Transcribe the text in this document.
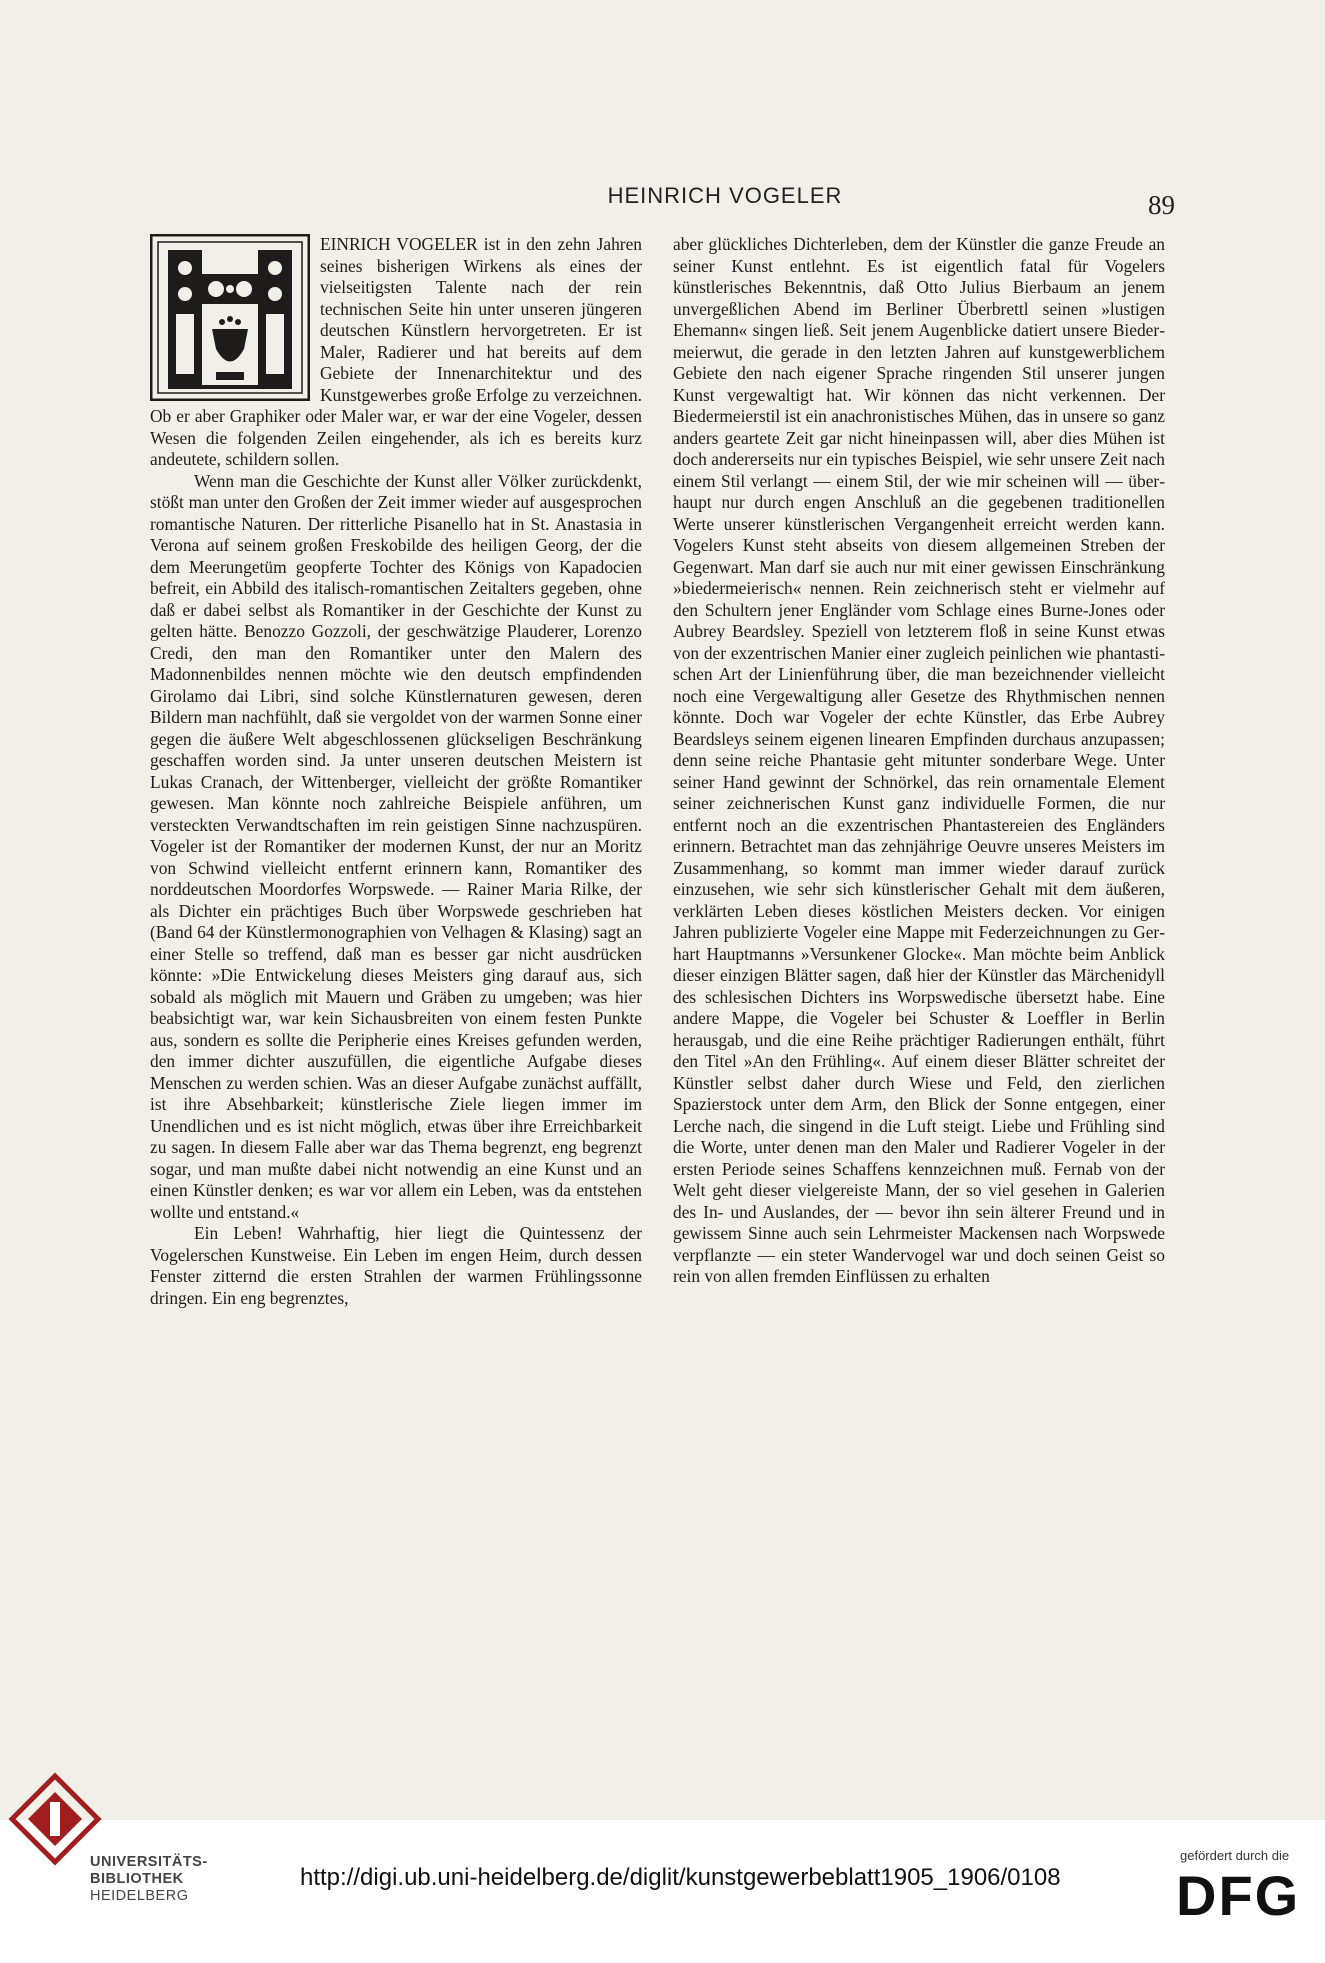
HEINRICH VOGELER	89

EINRICH VOGELER ist in den zehn Jahren seines bisherigen Wirkens als eines der vielseitigsten Talente nach der rein technischen Seite hin unter unseren jüngeren deutschen Künstlern hervorgetreten. Er ist Maler, Radierer und hat bereits auf dem Gebiete der Innenarchitektur und des Kunstgewerbes große Erfolge zu verzeichnen. Ob er aber Graphiker oder Maler war, er war der eine Vogeler, dessen Wesen die folgenden Zeilen eingehender, als ich es bereits kurz andeutete, schildern sollen.

Wenn man die Geschichte der Kunst aller Völker zurückdenkt, stößt man unter den Großen der Zeit immer wieder auf ausgesprochen romantische Naturen. Der ritterliche Pisanello hat in St. Anastasia in Verona auf seinem großen Freskobilde des heiligen Georg, der die dem Meerungetüm geopferte Tochter des Königs von Kapadocien befreit, ein Abbild des italisch-romantischen Zeitalters gegeben, ohne daß er dabei selbst als Romantiker in der Geschichte der Kunst zu gelten hätte. Benozzo Gozzoli, der geschwätzige Plauderer, Lorenzo Credi, den man den Romantiker unter den Malern des Madonnenbildes nennen möchte wie den deutsch empfindenden Girolamo dai Libri, sind solche Künstlernaturen gewesen, deren Bildern man nachfühlt, daß sie vergoldet von der warmen Sonne einer gegen die äußere Welt abgeschlossenen glückseligen Beschränkung geschaffen worden sind. Ja unter unseren deutschen Meistern ist Lukas Cranach, der Wittenberger, vielleicht der größte Romantiker gewesen. Man könnte noch zahlreiche Beispiele anführen, um versteckten Verwandtschaften im rein geistigen Sinne nachzuspüren. Vogeler ist der Romantiker der modernen Kunst, der nur an Moritz von Schwind vielleicht entfernt erinnern kann, Romantiker des norddeutschen Moordorfes Worpswede. — Rainer Maria Rilke, der als Dichter ein prächtiges Buch über Worpswede geschrieben hat (Band 64 der Künstlermonographien von Velhagen & Klasing) sagt an einer Stelle so treffend, daß man es besser gar nicht ausdrücken könnte: »Die Entwickelung dieses Meisters ging darauf aus, sich sobald als möglich mit Mauern und Gräben zu umgeben; was hier beabsichtigt war, war kein Sichausbreiten von einem festen Punkte aus, sondern es sollte die Peripherie eines Kreises gefunden werden, den immer dichter auszufüllen, die eigentliche Aufgabe dieses Menschen zu werden schien. Was an dieser Aufgabe zunächst auffällt, ist ihre Absehbarkeit; künstlerische Ziele liegen immer im Unendlichen und es ist nicht möglich, etwas über ihre Erreichbarkeit zu sagen. In diesem Falle aber war das Thema begrenzt, eng begrenzt sogar, und man mußte dabei nicht notwendig an eine Kunst und an einen Künstler denken; es war vor allem ein Leben, was da entstehen wollte und entstand.«

Ein Leben! Wahrhaftig, hier liegt die Quintessenz der Vogelerschen Kunstweise. Ein Leben im engen Heim, durch dessen Fenster zitternd die ersten Strahlen der warmen Frühlingssonne dringen. Ein eng begrenztes,

aber glückliches Dichterleben, dem der Künstler die ganze Freude an seiner Kunst entlehnt. Es ist eigentlich fatal für Vogelers künstlerisches Bekenntnis, daß Otto Julius Bierbaum an jenem unvergeßlichen Abend im Berliner Überbrettl seinen »lustigen Ehemann« singen ließ. Seit jenem Augenblicke datiert unsere Biedermeierwut, die gerade in den letzten Jahren auf kunstgewerblichem Gebiete den nach eigener Sprache ringenden Stil unserer jungen Kunst vergewaltigt hat. Wir können das nicht verkennen. Der Biedermeierstil ist ein anachronistisches Mühen, das in unsere so ganz anders geartete Zeit gar nicht hineinpassen will, aber dies Mühen ist doch andererseits nur ein typisches Beispiel, wie sehr unsere Zeit nach einem Stil verlangt — einem Stil, der wie mir scheinen will — überhaupt nur durch engen Anschluß an die gegebenen traditionellen Werte unserer künstlerischen Vergangenheit erreicht werden kann. Vogelers Kunst steht abseits von diesem allgemeinen Streben der Gegenwart. Man darf sie auch nur mit einer gewissen Einschränkung »biedermeierisch« nennen. Rein zeichnerisch steht er vielmehr auf den Schultern jener Engländer vom Schlage eines Burne-Jones oder Aubrey Beardsley. Speziell von letzterem floß in seine Kunst etwas von der exzentrischen Manier einer zugleich peinlichen wie phantastischen Art der Linienführung über, die man bezeichnender vielleicht noch eine Vergewaltigung aller Gesetze des Rhythmischen nennen könnte. Doch war Vogeler der echte Künstler, das Erbe Aubrey Beardsleys seinem eigenen linearen Empfinden durchaus anzupassen; denn seine reiche Phantasie geht mitunter sonderbare Wege. Unter seiner Hand gewinnt der Schnörkel, das rein ornamentale Element seiner zeichnerischen Kunst ganz individuelle Formen, die nur entfernt noch an die exzentrischen Phantastereien des Engländers erinnern. Betrachtet man das zehnjährige Oeuvre unseres Meisters im Zusammenhang, so kommt man immer wieder darauf zurück einzusehen, wie sehr sich künstlerischer Gehalt mit dem äußeren, verklärten Leben dieses köstlichen Meisters decken. Vor einigen Jahren publizierte Vogeler eine Mappe mit Federzeichnungen zu Gerhart Hauptmanns »Versunkener Glocke«. Man möchte beim Anblick dieser einzigen Blätter sagen, daß hier der Künstler das Märchenidyll des schlesischen Dichters ins Worpswedische übersetzt habe. Eine andere Mappe, die Vogeler bei Schuster & Loeffler in Berlin herausgab, und die eine Reihe prächtiger Radierungen enthält, führt den Titel »An den Frühling«. Auf einem dieser Blätter schreitet der Künstler selbst daher durch Wiese und Feld, den zierlichen Spazierstock unter dem Arm, den Blick der Sonne entgegen, einer Lerche nach, die singend in die Luft steigt. Liebe und Frühling sind die Worte, unter denen man den Maler und Radierer Vogeler in der ersten Periode seines Schaffens kennzeichnen muß. Fernab von der Welt geht dieser vielgereiste Mann, der so viel gesehen in Galerien des In- und Auslandes, der — bevor ihn sein älterer Freund und in gewissem Sinne auch sein Lehrmeister Mackensen nach Worpswede verpflanzte — ein steter Wandervogel war und doch seinen Geist so rein von allen fremden Einflüssen zu erhalten

UNIVERSITÄTS-
BIBLIOTHEK
HEIDELBERG
http://digi.ub.uni-heidelberg.de/diglit/kunstgewerbeblatt1905_1906/0108
gefördert durch die
DFG
